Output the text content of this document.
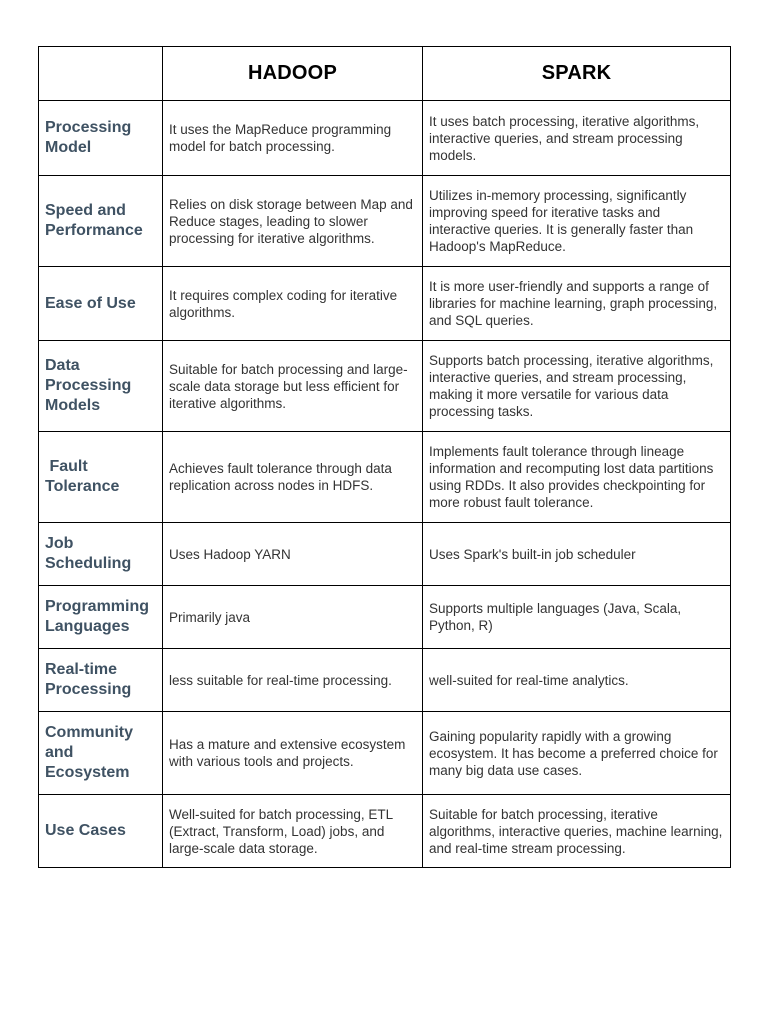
	HADOOP	SPARK
Processing Model	It uses the MapReduce programming model for batch processing.	It uses batch processing, iterative algorithms, interactive queries, and stream processing models.
Speed and Performance	Relies on disk storage between Map and Reduce stages, leading to slower processing for iterative algorithms.	Utilizes in-memory processing, significantly improving speed for iterative tasks and interactive queries. It is generally faster than Hadoop's MapReduce.
Ease of Use	It requires complex coding for iterative algorithms.	It is more user-friendly and supports a range of libraries for machine learning, graph processing, and SQL queries.
Data Processing Models	Suitable for batch processing and large-scale data storage but less efficient for iterative algorithms.	Supports batch processing, iterative algorithms, interactive queries, and stream processing, making it more versatile for various data processing tasks.
Fault Tolerance	Achieves fault tolerance through data replication across nodes in HDFS.	Implements fault tolerance through lineage information and recomputing lost data partitions using RDDs. It also provides checkpointing for more robust fault tolerance.
Job Scheduling	Uses Hadoop YARN	Uses Spark's built-in job scheduler
Programming Languages	Primarily java	Supports multiple languages (Java, Scala, Python, R)
Real-time Processing	less suitable for real-time processing.	well-suited for real-time analytics.
Community and Ecosystem	Has a mature and extensive ecosystem with various tools and projects.	Gaining popularity rapidly with a growing ecosystem. It has become a preferred choice for many big data use cases.
Use Cases	Well-suited for batch processing, ETL (Extract, Transform, Load) jobs, and large-scale data storage.	Suitable for batch processing, iterative algorithms, interactive queries, machine learning, and real-time stream processing.
